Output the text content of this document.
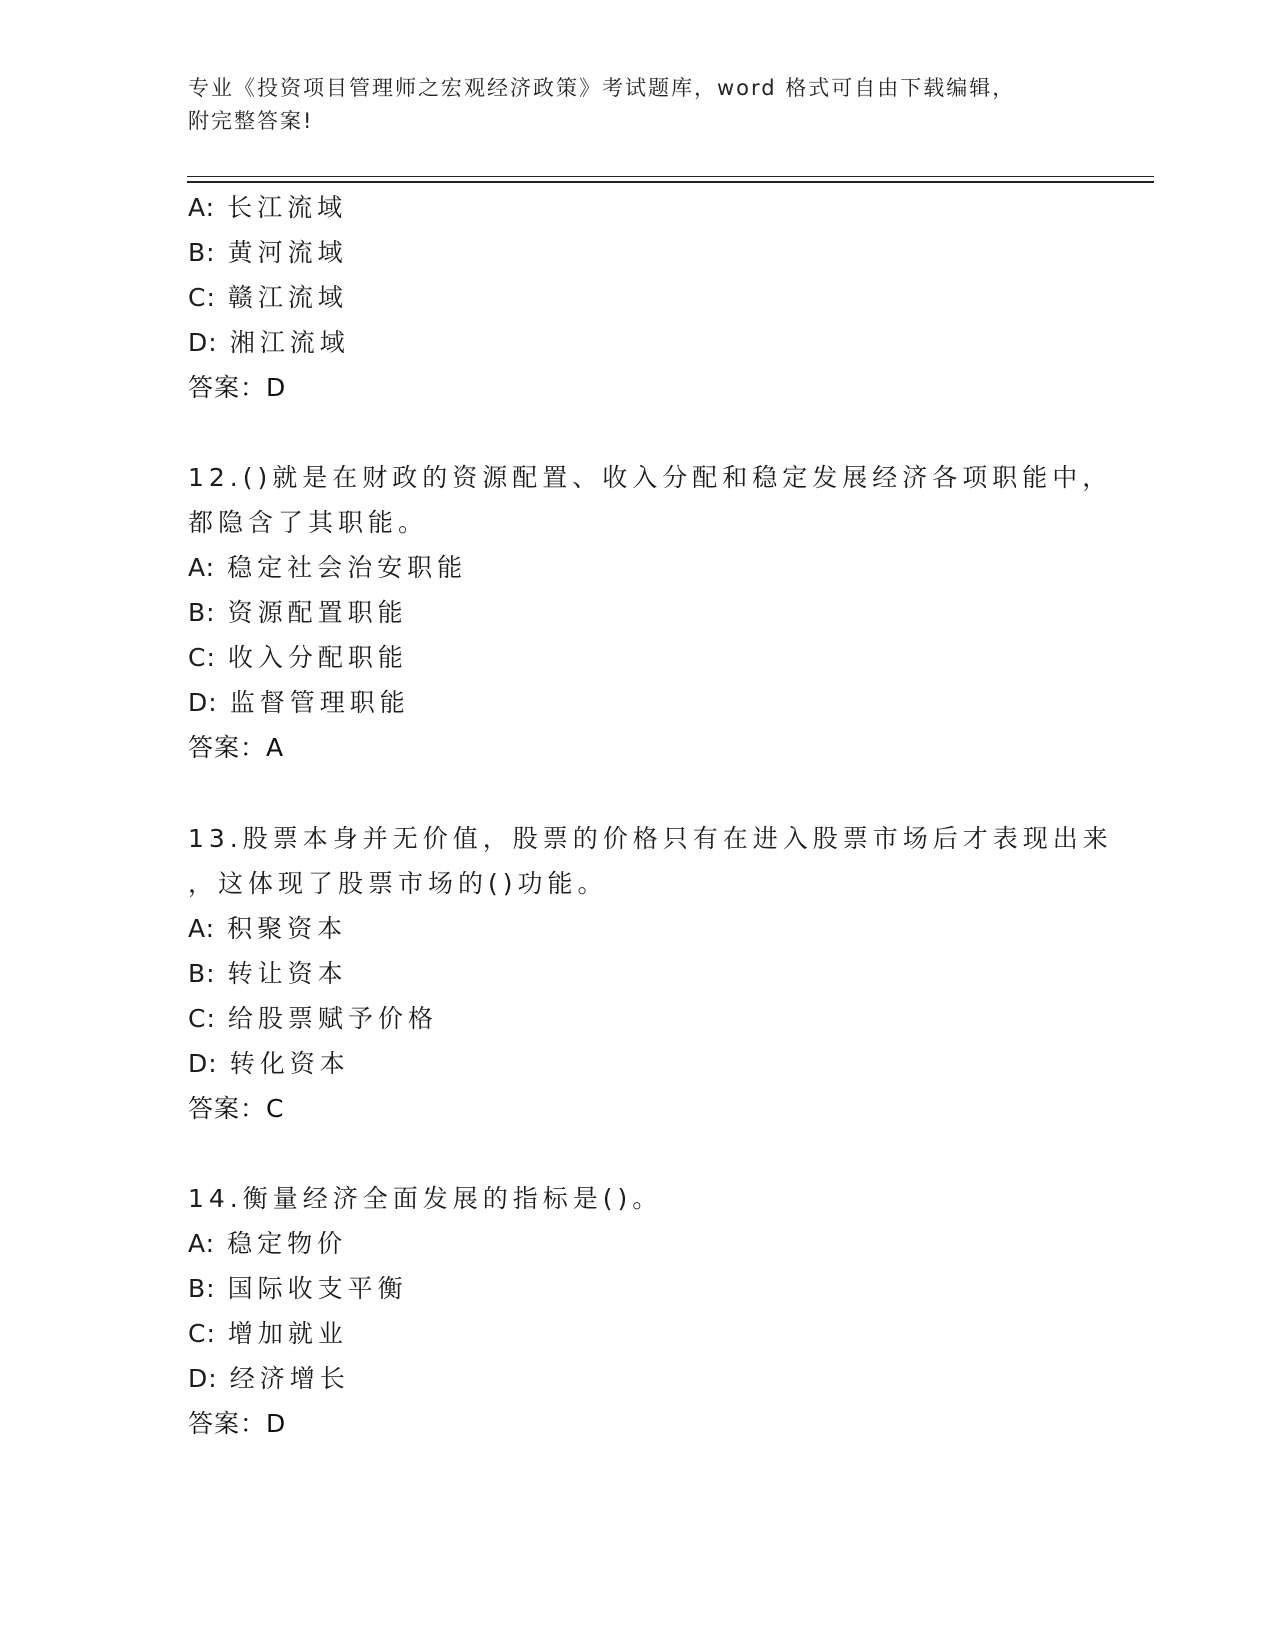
专业《投资项目管理师之宏观经济政策》考试题库，word 格式可自由下载编辑，
附完整答案!
A: 长江流域
B: 黄河流域
C: 赣江流域
D: 湘江流域
答案：D
12.()就是在财政的资源配置、收入分配和稳定发展经济各项职能中，
都隐含了其职能。
A: 稳定社会治安职能
B: 资源配置职能
C: 收入分配职能
D: 监督管理职能
答案：A
13.股票本身并无价值，股票的价格只有在进入股票市场后才表现出来
，这体现了股票市场的()功能。
A: 积聚资本
B: 转让资本
C: 给股票赋予价格
D: 转化资本
答案：C
14.衡量经济全面发展的指标是()。
A: 稳定物价
B: 国际收支平衡
C: 增加就业
D: 经济增长
答案：D
